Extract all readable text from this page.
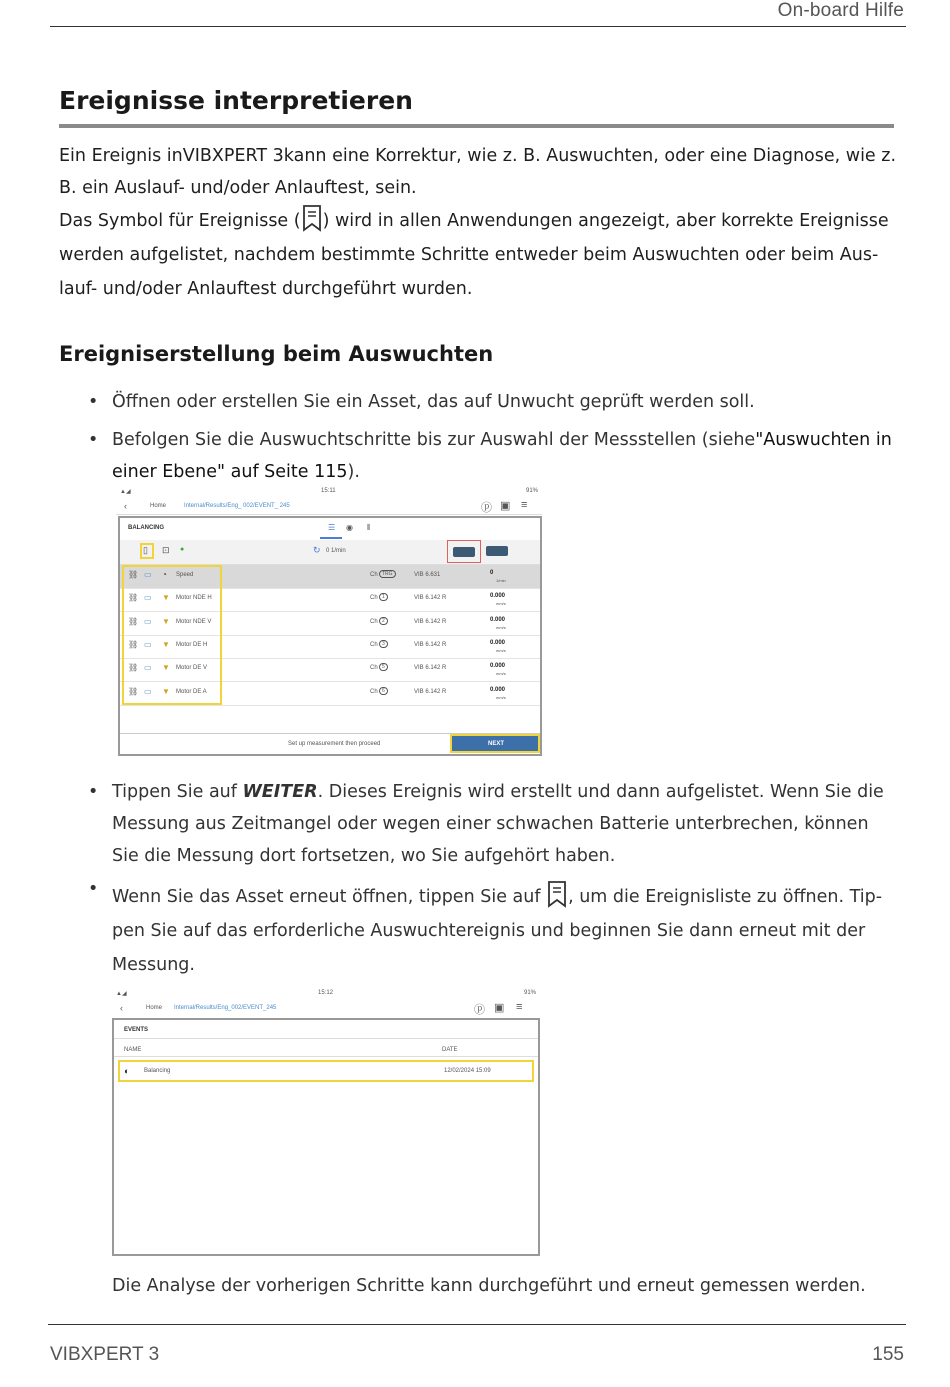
On-board Hilfe
Ereignisse interpretieren

Ein Ereignis inVIBXPERT 3kann eine Korrektur, wie z. B. Auswuchten, oder eine Diagnose, wie z. B. ein Auslauf- und/oder Anlauftest, sein.

Das Symbol für Ereignisse ( ) wird in allen Anwendungen angezeigt, aber korrekte Ereignisse werden aufgelistet, nachdem bestimmte Schritte entweder beim Auswuchten oder beim Aus-lauf- und/oder Anlauftest durchgeführt wurden.

Ereigniserstellung beim Auswuchten
• Öffnen oder erstellen Sie ein Asset, das auf Unwucht geprüft werden soll.
• Befolgen Sie die Auswuchtschritte bis zur Auswahl der Messstellen (siehe"Auswuchten in einer Ebene" auf Seite 115).
▲◢	15:11	91%
‹	Home	Internal/Results/Eng_ 002/EVENT_ 245	ⓟ ▣ ≡
BALANCING	☰ ◉ ⦀
▯ ⊡ ●	↻ 0 1/min
⛓ ▭ ◔ Speed	Ch TRG	VIB 6.631	0
1/min
⛓ ▭ ▼ Motor NDE H	Ch 1	VIB 6.142 R	0.000
mm/s
⛓ ▭ ▼ Motor NDE V	Ch 2	VIB 6.142 R	0.000
mm/s
⛓ ▭ ▼ Motor DE H	Ch 3	VIB 6.142 R	0.000
mm/s
⛓ ▭ ▼ Motor DE V	Ch 5	VIB 6.142 R	0.000
mm/s
⛓ ▭ ▼ Motor DE A	Ch 6	VIB 6.142 R	0.000
mm/s
Set up measurement then proceed	NEXT
• Tippen Sie auf WEITER. Dieses Ereignis wird erstellt und dann aufgelistet. Wenn Sie die Messung aus Zeitmangel oder wegen einer schwachen Batterie unterbrechen, können Sie die Messung dort fortsetzen, wo Sie aufgehört haben.
• Wenn Sie das Asset erneut öffnen, tippen Sie auf , um die Ereignisliste zu öffnen. Tip-pen Sie auf das erforderliche Auswuchtereignis und beginnen Sie dann erneut mit der Messung.
▲◢	15:12	91%
‹	Home Internal/Results/Eng_002/EVENT_245	ⓟ ▣ ≡
EVENTS
NAME	DATE
◐ Balancing	12/02/2024 15:09

Die Analyse der vorherigen Schritte kann durchgeführt und erneut gemessen werden.

VIBXPERT 3	155
